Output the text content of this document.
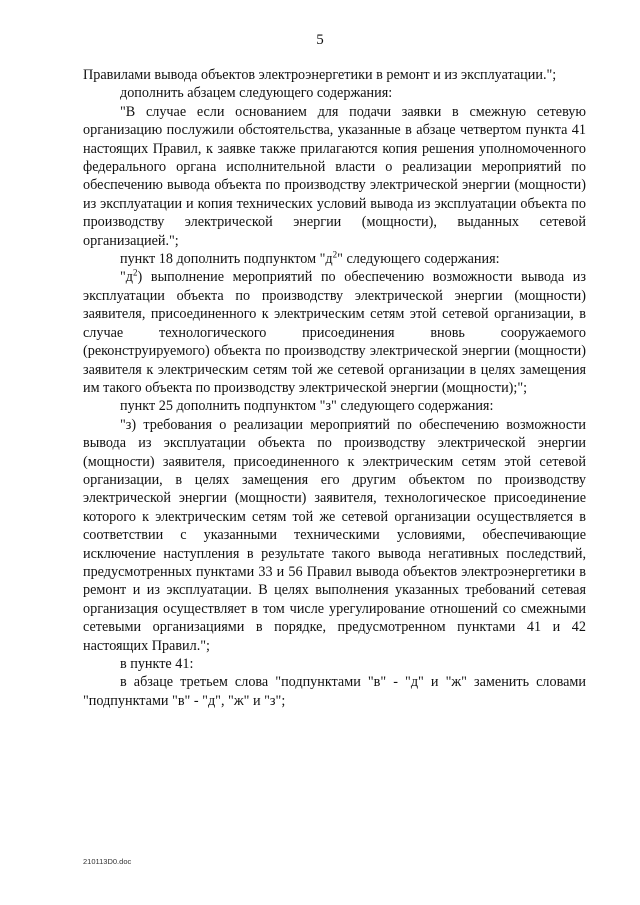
5

Правилами вывода объектов электроэнергетики в ремонт и из эксплуатации.";

дополнить абзацем следующего содержания:

"В случае если основанием для подачи заявки в смежную сетевую организацию послужили обстоятельства, указанные в абзаце четвертом пункта 41 настоящих Правил, к заявке также прилагаются копия решения уполномоченного федерального органа исполнительной власти о реализации мероприятий по обеспечению вывода объекта по производству электрической энергии (мощности) из эксплуатации и копия технических условий вывода из эксплуатации объекта по производству электрической энергии (мощности), выданных сетевой организацией.";

пункт 18 дополнить подпунктом "$д^2$" следующего содержания:

"$д^2$) выполнение мероприятий по обеспечению возможности вывода из эксплуатации объекта по производству электрической энергии (мощности) заявителя, присоединенного к электрическим сетям этой сетевой организации, в случае технологического присоединения вновь сооружаемого (реконструируемого) объекта по производству электрической энергии (мощности) заявителя к электрическим сетям той же сетевой организации в целях замещения им такого объекта по производству электрической энергии (мощности);";

пункт 25 дополнить подпунктом "з" следующего содержания:

"з) требования о реализации мероприятий по обеспечению возможности вывода из эксплуатации объекта по производству электрической энергии (мощности) заявителя, присоединенного к электрическим сетям этой сетевой организации, в целях замещения его другим объектом по производству электрической энергии (мощности) заявителя, технологическое присоединение которого к электрическим сетям той же сетевой организации осуществляется в соответствии с указанными техническими условиями, обеспечивающие исключение наступления в результате такого вывода негативных последствий, предусмотренных пунктами 33 и 56 Правил вывода объектов электроэнергетики в ремонт и из эксплуатации. В целях выполнения указанных требований сетевая организация осуществляет в том числе урегулирование отношений со смежными сетевыми организациями в порядке, предусмотренном пунктами 41 и 42 настоящих Правил.";

в пункте 41:

в абзаце третьем слова "подпунктами "в" - "д" и "ж" заменить словами "подпунктами "в" - "д", "ж" и "з";

210113D0.doc
